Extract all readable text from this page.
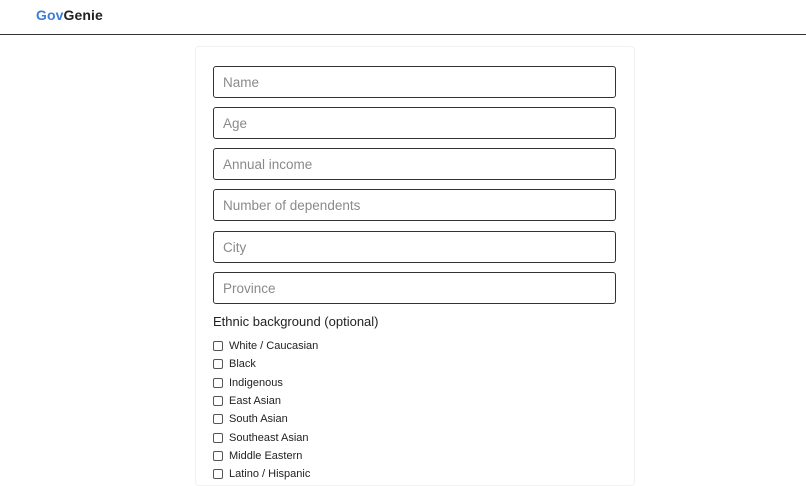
GovGenie
Name
Age
Annual income
Number of dependents
City
Province
Ethnic background (optional)
White / Caucasian
Black
Indigenous
East Asian
South Asian
Southeast Asian
Middle Eastern
Latino / Hispanic
